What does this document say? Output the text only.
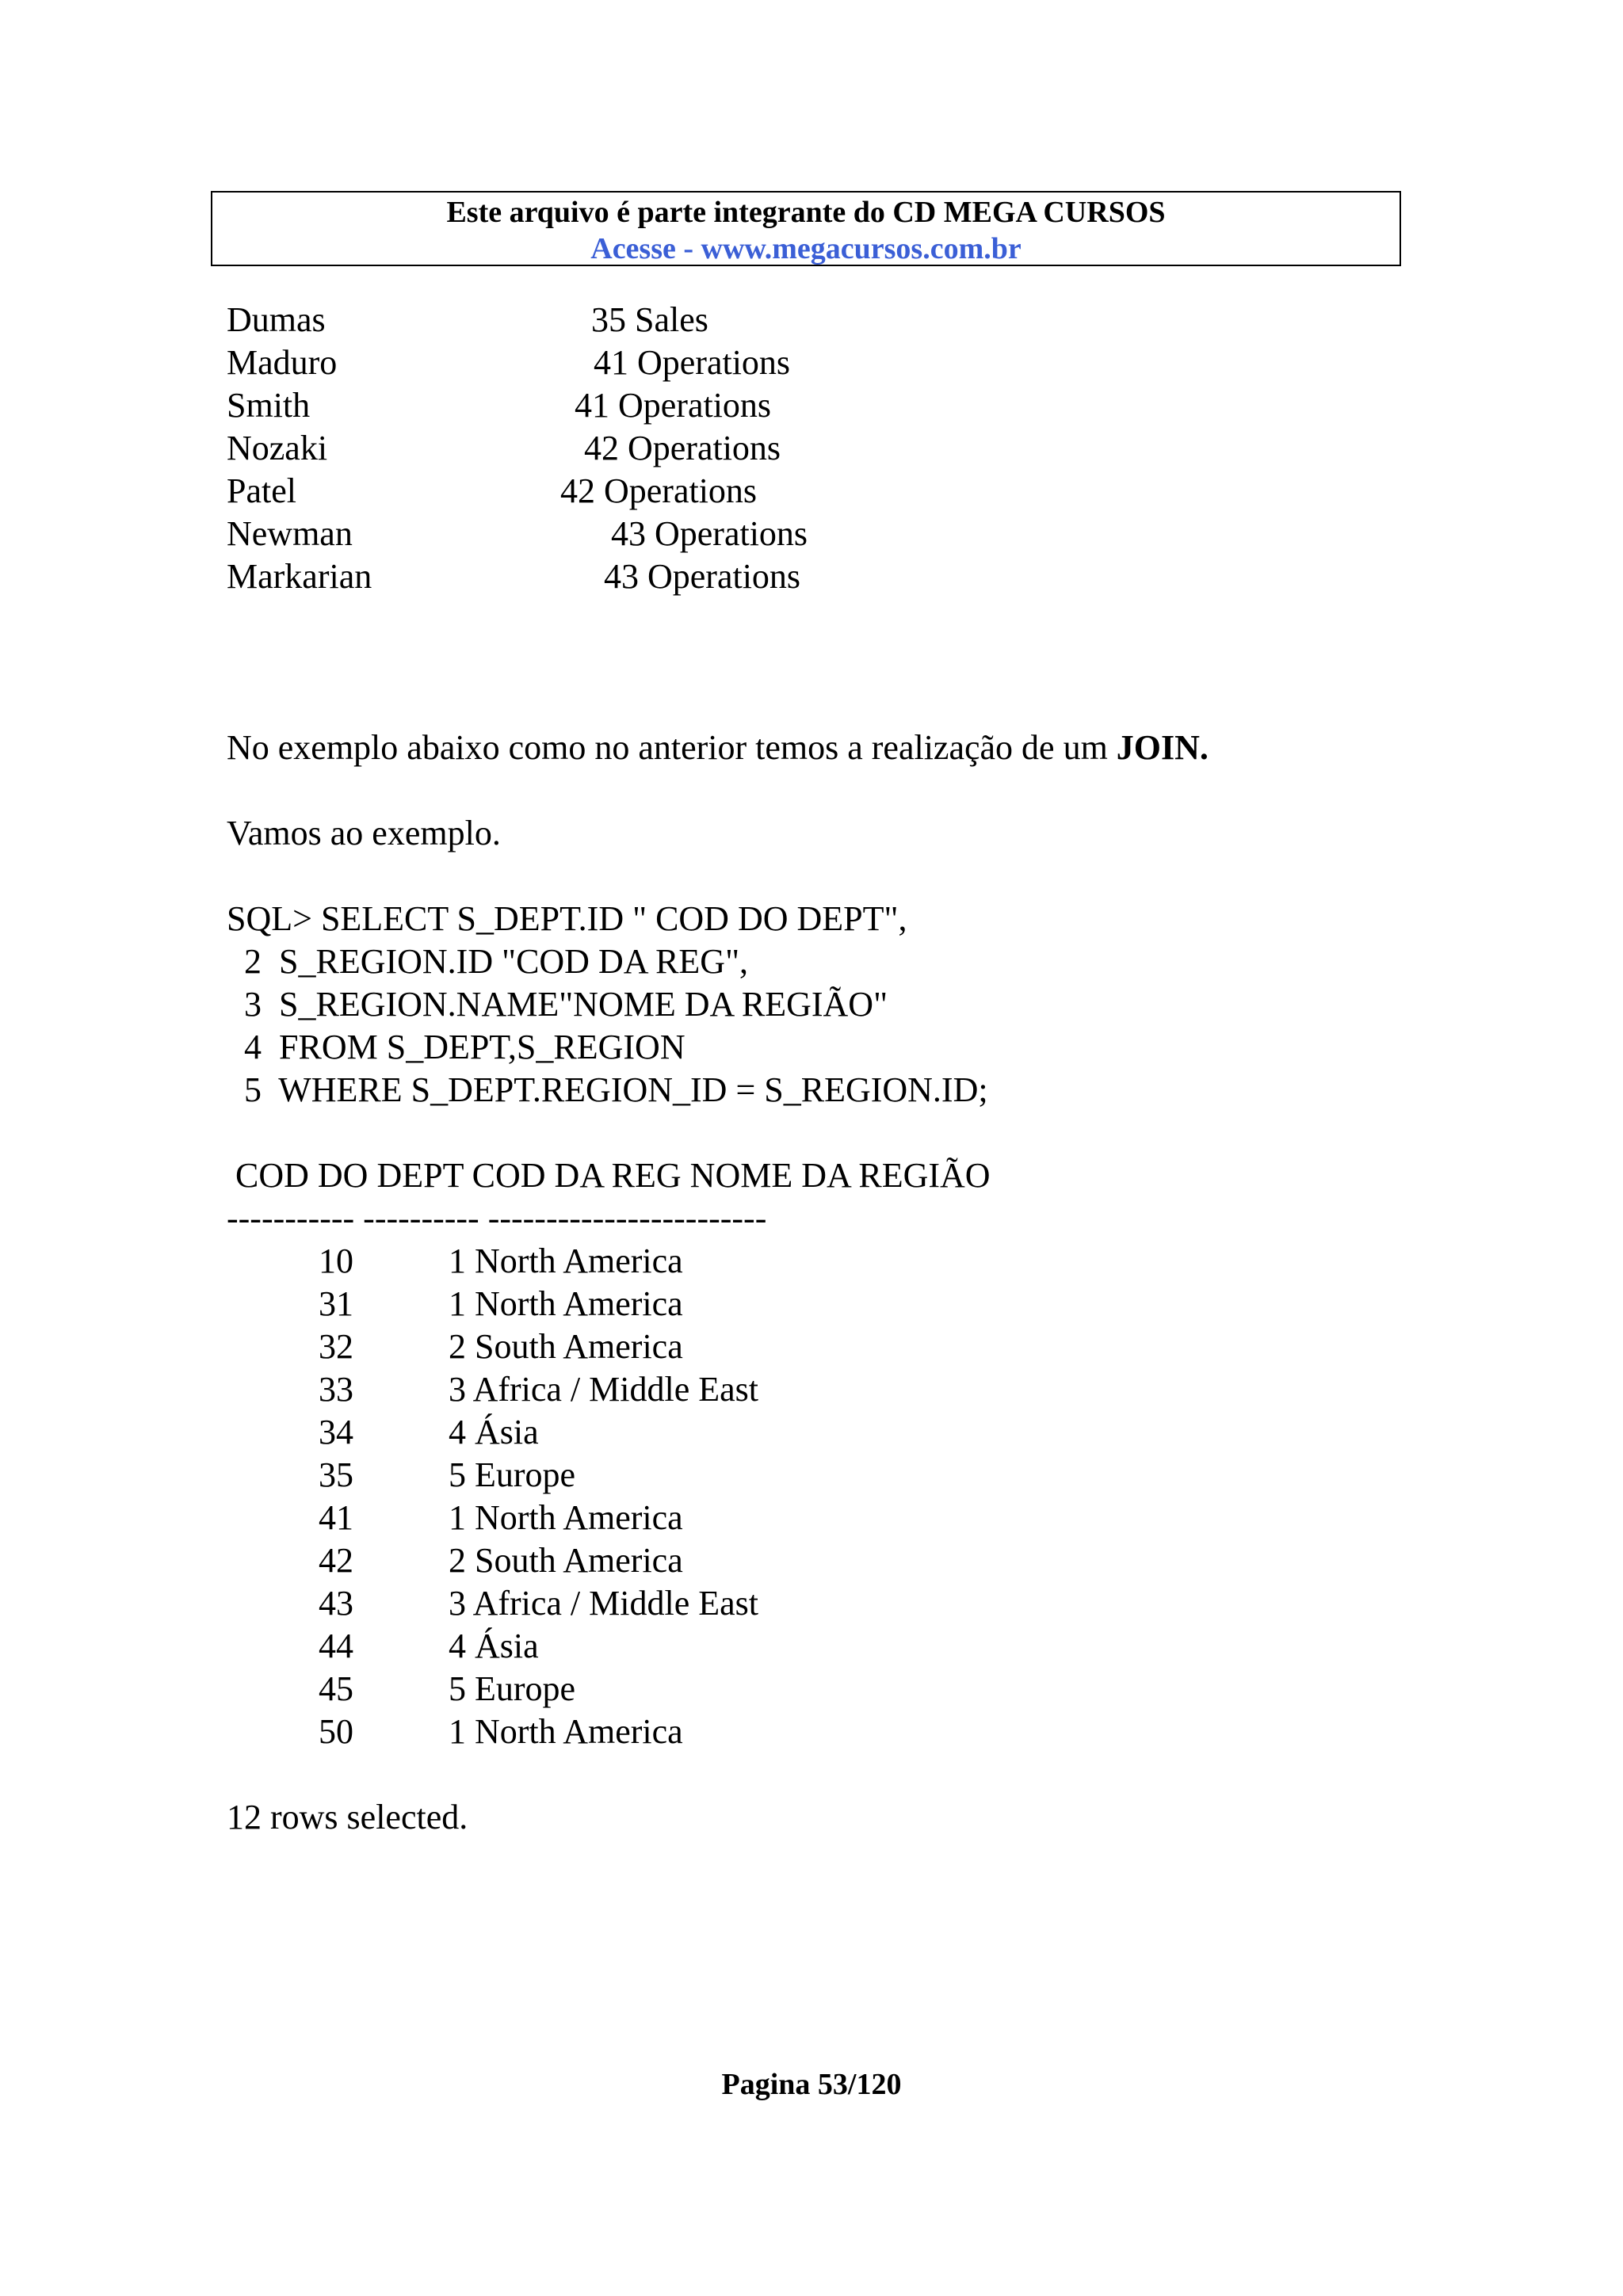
Este arquivo é parte integrante do CD MEGA CURSOS
Acesse - www.megacursos.com.br
Dumas	35 Sales
Maduro	41 Operations
Smith	41 Operations
Nozaki	42 Operations
Patel	42 Operations
Newman	43 Operations
Markarian	43 Operations
No exemplo abaixo como no anterior temos a realização de um JOIN.
Vamos ao exemplo.
SQL> SELECT S_DEPT.ID " COD DO DEPT",
2  S_REGION.ID "COD DA REG",
3  S_REGION.NAME"NOME DA REGIÃO"
4  FROM S_DEPT,S_REGION
5  WHERE S_DEPT.REGION_ID = S_REGION.ID;
COD DO DEPT COD DA REG NOME DA REGIÃO
----------- ---------- ------------------------
10	1 North America
31	1 North America
32	2 South America
33	3 Africa / Middle East
34	4 Ásia
35	5 Europe
41	1 North America
42	2 South America
43	3 Africa / Middle East
44	4 Ásia
45	5 Europe
50	1 North America
12 rows selected.
Pagina 53/120
